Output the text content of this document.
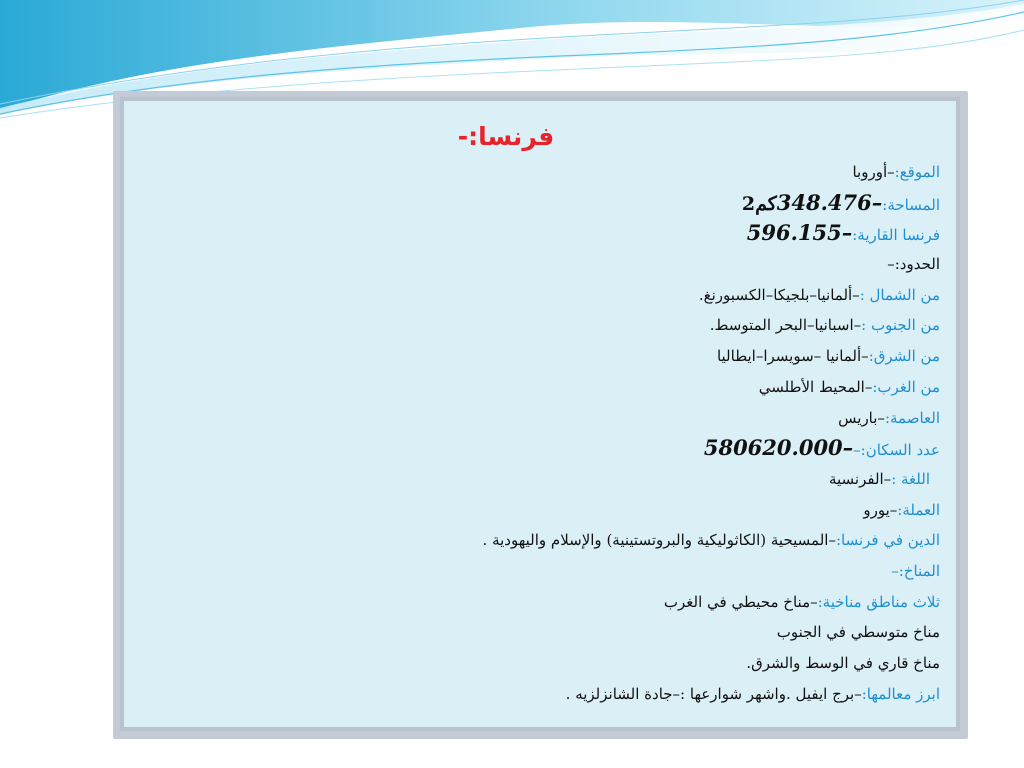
فرنسا:-
الموقع:–أوروبا
المساحة:–348.476كم2
فرنسا القارية:–596.155
الحدود:–
من الشمال :–ألمانيا–بلجيكا–الكسبورنغ.
من الجنوب :–اسبانيا–البحر المتوسط.
من الشرق:–ألمانيا –سويسرا–ايطاليا
من الغرب:–المحيط الأطلسي
العاصمة:–باريس
عدد السكان:––580620.000
اللغة :–الفرنسية
العملة:–يورو
الدين في فرنسا:–المسيحية (الكاثوليكية والبروتستينية) والإسلام واليهودية .
المناخ:–
ثلاث مناطق مناخية:–مناخ محيطي في الغرب
مناخ متوسطي في الجنوب
مناخ قاري في الوسط والشرق.
ابرز معالمها:–برج ايفيل .واشهر شوارعها :–جادة الشانزلزيه .
